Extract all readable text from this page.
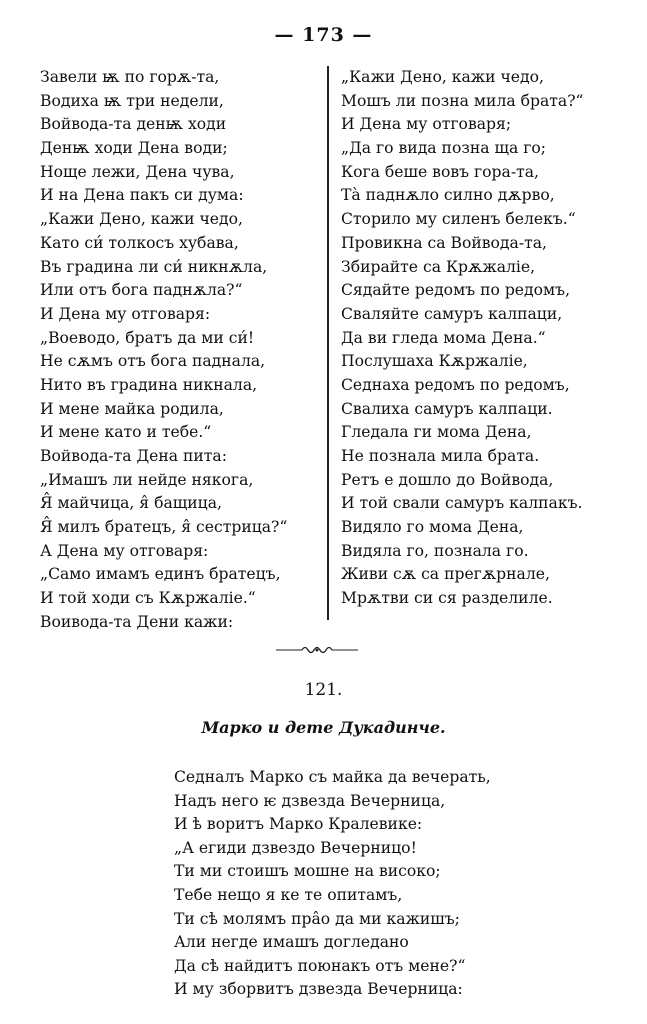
— 173 —
Завели ѭ по горѫ-та,
Водиха ѭ три недели,
Войвода-та денѭ ходи
Денѭ ходи Дена води;
Ноще лежи, Дена чува,
И на Дена пакъ си дума:
„Кажи Дено, кажи чедо,
Като си́ толкосъ хубава,
Въ градина ли си́ никнѫла,
Или отъ бога паднѫла?“
И Дена му отговаря:
„Воеводо, братъ да ми си́!
Не сѫмъ отъ бога паднала,
Нито въ градина никнала,
И мене майка родила,
И мене като и тебе.“
Войвода-та Дена пита:
„Имашъ ли нейде някога,
Я̂ майчица, я̂ бащица,
Я̂ милъ братецъ, я̂ сестрица?“
А Дена му отговаря:
„Само имамъ единъ братецъ,
И той ходи съ Кѫржаліе.“
Воивода-та Дени кажи:
„Кажи Дено, кажи чедо,
Мошъ ли позна мила брата?“
И Дена му отговаря;
„Да го вида позна ща го;
Кога беше вовъ гора-та,
Тà паднѫло силно дѫрво,
Сторило му силенъ белекъ.“
Провикна са Войвода-та,
Збирайте са Крѫжаліе,
Сядайте редомъ по редомъ,
Сваляйте самуръ калпаци,
Да ви гледа мома Дена.“
Послушаха Кѫржаліе,
Седнаха редомъ по редомъ,
Свалиха самуръ калпаци.
Гледала ги мома Дена,
Не познала мила брата.
Ретъ е дошло до Войвода,
И той свали самуръ калпакъ.
Видяло го мома Дена,
Видяла го, познала го.
Живи сѫ са прегѫрнале,
Мрѫтви си ся разделиле.
121.
Марко и дете Дукадинче.
Седналъ Марко съ майка да вечерать,
Надъ него ѥ дзвезда Вечерница,
И ѣ воритъ Марко Кралевике:
„А егиди дзвездо Вечерницо!
Ти ми стоишъ мошне на високо;
Тебе нещо я ке те опитамъ,
Ти сѣ молямъ пра̂о да ми кажишъ;
Али негде имашъ догледано
Да сѣ найдитъ поюнакъ отъ мене?“
И му зборвитъ дзвезда Вечерница:
